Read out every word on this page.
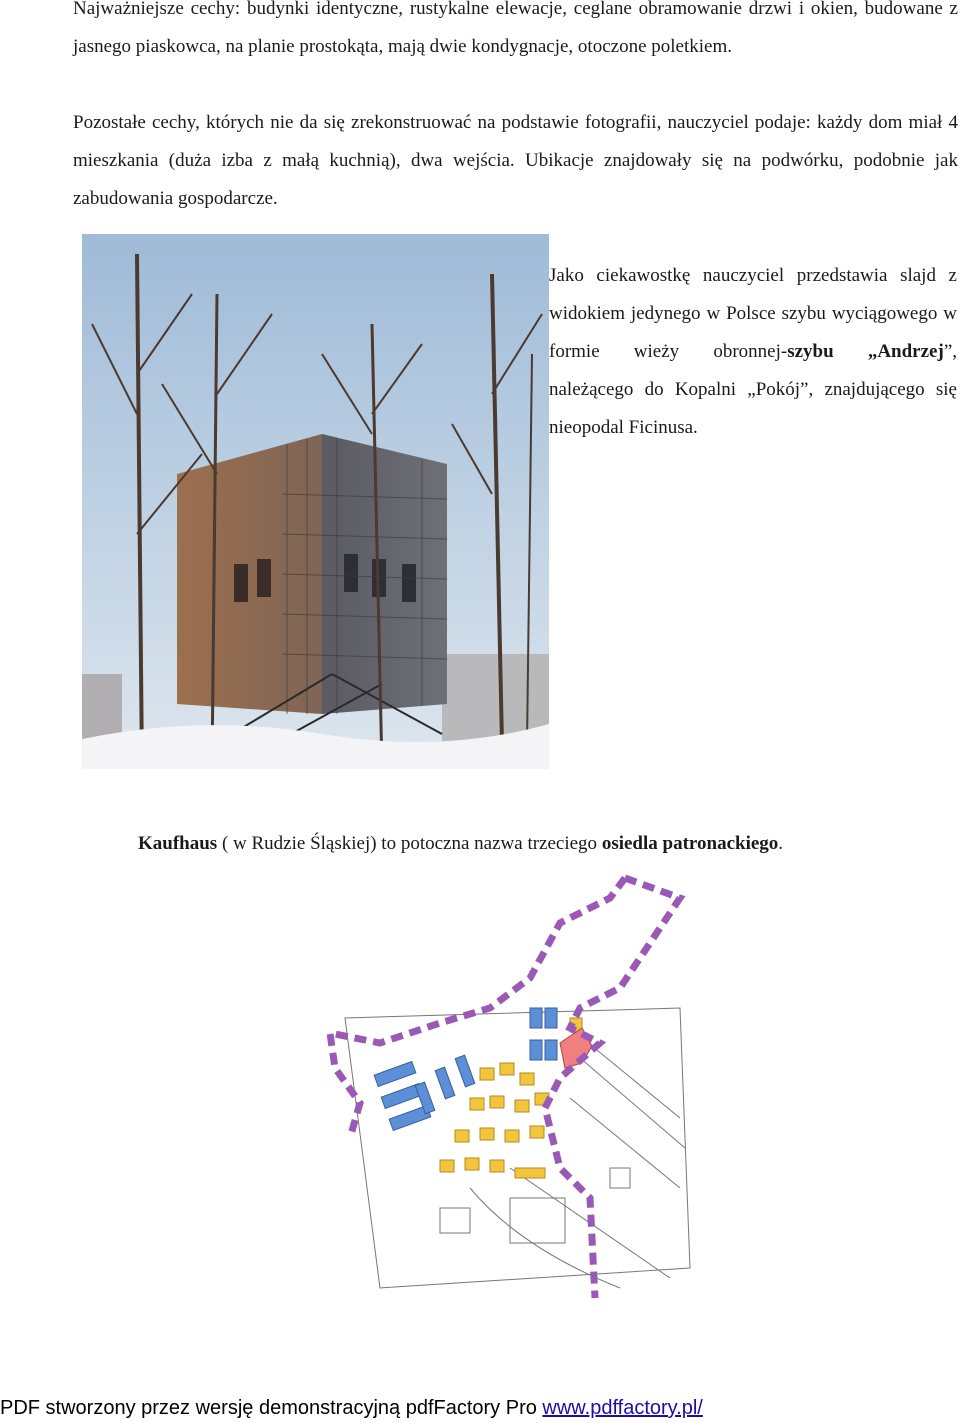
Najważniejsze cechy: budynki identyczne, rustykalne elewacje, ceglane obramowanie drzwi i okien, budowane z jasnego piaskowca, na planie prostokąta, mają dwie kondygnacje, otoczone poletkiem.

Pozostałe cechy, których nie da się zrekonstruować na podstawie fotografii, nauczyciel podaje: każdy dom miał 4 mieszkania (duża izba z małą kuchnią), dwa wejścia. Ubikacje znajdowały się na podwórku, podobnie jak zabudowania gospodarcze.

Jako ciekawostkę nauczyciel przedstawia slajd z widokiem jedynego w Polsce szybu wyciągowego w formie wieży obronnej-szybu „Andrzej”, należącego do Kopalni „Pokój”, znajdującego się nieopodal Ficinusa.

Kaufhaus ( w Rudzie Śląskiej) to potoczna nazwa trzeciego osiedla patronackiego.

PDF stworzony przez wersję demonstracyjną pdfFactory Pro www.pdffactory.pl/
